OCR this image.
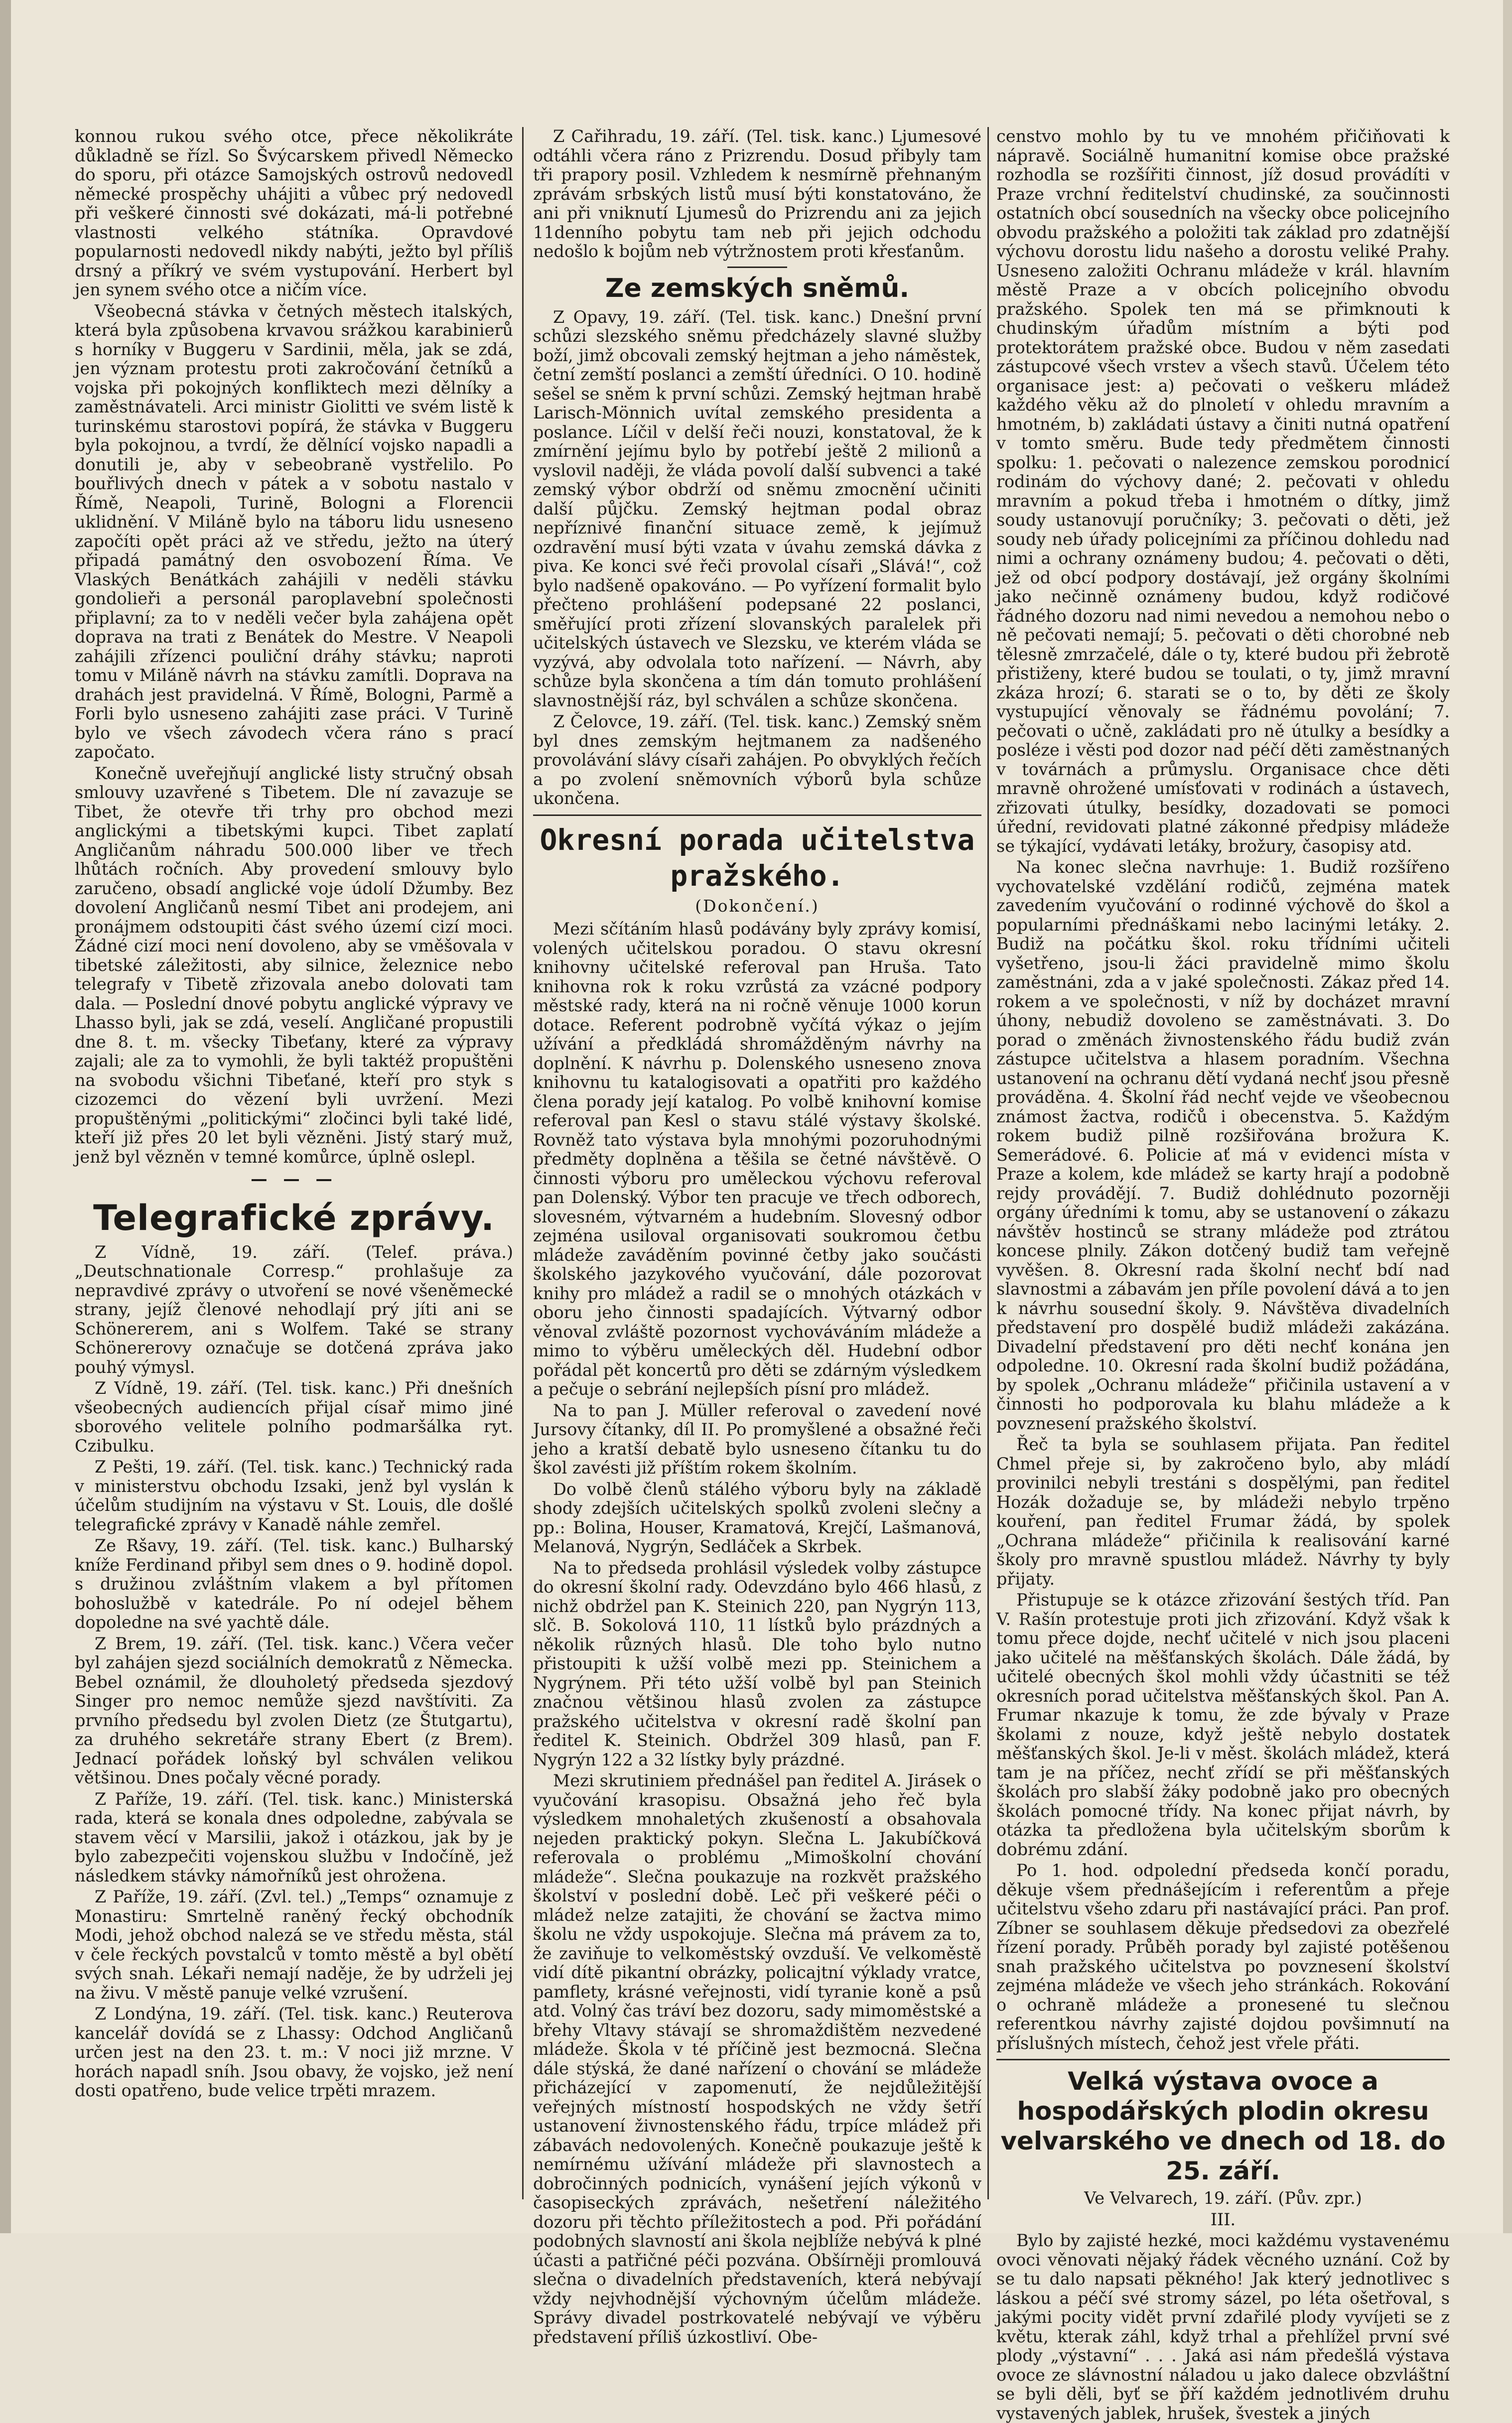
konnou rukou svého otce, přece několikráte důkladně se řízl. So Švýcarskem přivedl Německo do sporu, při otázce Samojských ostrovů nedovedl německé prospěchy uhájiti a vůbec prý nedovedl při veškeré činnosti své dokázati, má-li potřebné vlastnosti velkého státníka. Opravdové popularnosti nedovedl nikdy nabýti, ježto byl příliš drsný a příkrý ve svém vystupování. Herbert byl jen synem svého otce a ničím více.

Všeobecná stávka v četných městech italských, která byla způsobena krvavou srážkou karabinierů s horníky v Buggeru v Sardinii, měla, jak se zdá, jen význam protestu proti zakročování četníků a vojska při pokojných konfliktech mezi dělníky a zaměstnávateli. Arci ministr Giolitti ve svém listě k turinskému starostovi popírá, že stávka v Buggeru byla pokojnou, a tvrdí, že dělnící vojsko napadli a donutili je, aby v sebeobraně vystřelilo. Po bouřlivých dnech v pátek a v sobotu nastalo v Římě, Neapoli, Turině, Bologni a Florencii uklidnění. V Miláně bylo na táboru lidu usneseno započíti opět práci až ve středu, ježto na úterý připadá památný den osvobození Říma. Ve Vlaských Benátkách zahájili v neděli stávku gondolieři a personál paroplavební společnosti připlavní; za to v neděli večer byla zahájena opět doprava na trati z Benátek do Mestre. V Neapoli zahájili zřízenci pouliční dráhy stávku; naproti tomu v Miláně návrh na stávku zamítli. Doprava na drahách jest pravidelná. V Římě, Bologni, Parmě a Forli bylo usneseno zahájiti zase práci. V Turině bylo ve všech závodech včera ráno s prací započato.

Konečně uveřejňují anglické listy stručný obsah smlouvy uzavřené s Tibetem. Dle ní zavazuje se Tibet, že otevře tři trhy pro obchod mezi anglickými a tibetskými kupci. Tibet zaplatí Angličanům náhradu 500.000 liber ve třech lhůtách ročních. Aby provedení smlouvy bylo zaručeno, obsadí anglické voje údolí Džumby. Bez dovolení Angličanů nesmí Tibet ani prodejem, ani pronájmem odstoupiti část svého území cizí moci. Žádné cizí moci není dovoleno, aby se vměšovala v tibetské záležitosti, aby silnice, železnice nebo telegrafy v Tibetě zřizovala anebo dolovati tam dala. — Poslední dnové pobytu anglické výpravy ve Lhasso byli, jak se zdá, veselí. Angličané propustili dne 8. t. m. všecky Tibeťany, které za výpravy zajali; ale za to vymohli, že byli taktéž propuštěni na svobodu všichni Tibeťané, kteří pro styk s cizozemci do vězení byli uvržení. Mezi propuštěnými „politickými“ zločinci byli také lidé, kteří již přes 20 let byli vězněni. Jistý starý muž, jenž byl vězněn v temné komůrce, úplně oslepl.

— — —
Telegrafické zprávy.

Z Vídně, 19. září. (Telef. práva.) „Deutschnationale Corresp.“ prohlašuje za nepravdivé zprávy o utvoření se nové všeněmecké strany, jejíž členové nehodlají prý jíti ani se Schönererem, ani s Wolfem. Také se strany Schönererovy označuje se dotčená zpráva jako pouhý výmysl.

Z Vídně, 19. září. (Tel. tisk. kanc.) Při dnešních všeobecných audiencích přijal císař mimo jiné sborového velitele polního podmaršálka ryt. Czibulku.

Z Pešti, 19. září. (Tel. tisk. kanc.) Technický rada v ministerstvu obchodu Izsaki, jenž byl vyslán k účelům studijním na výstavu v St. Louis, dle došlé telegrafické zprávy v Kanadě náhle zemřel.

Ze Ršavy, 19. září. (Tel. tisk. kanc.) Bulharský kníže Ferdinand přibyl sem dnes o 9. hodině dopol. s družinou zvláštním vlakem a byl přítomen bohoslužbě v katedrále. Po ní odejel během dopoledne na své yachtě dále.

Z Brem, 19. září. (Tel. tisk. kanc.) Včera večer byl zahájen sjezd sociálních demokratů z Německa. Bebel oznámil, že dlouholetý předseda sjezdový Singer pro nemoc nemůže sjezd navštíviti. Za prvního předsedu byl zvolen Dietz (ze Štutgartu), za druhého sekretáře strany Ebert (z Brem). Jednací pořádek loňský byl schválen velikou většinou. Dnes počaly věcné porady.

Z Paříže, 19. září. (Tel. tisk. kanc.) Ministerská rada, která se konala dnes odpoledne, zabývala se stavem věcí v Marsilii, jakož i otázkou, jak by je bylo zabezpečiti vojenskou službu v Indočíně, jež následkem stávky námořníků jest ohrožena.

Z Paříže, 19. září. (Zvl. tel.) „Temps“ oznamuje z Monastiru: Smrtelně raněný řecký obchodník Modi, jehož obchod nalezá se ve středu města, stál v čele řeckých povstalců v tomto městě a byl obětí svých snah. Lékaři nemají naděje, že by udrželi jej na živu. V městě panuje velké vzrušení.

Z Londýna, 19. září. (Tel. tisk. kanc.) Reuterova kancelář dovídá se z Lhassy: Odchod Angličanů určen jest na den 23. t. m.: V noci již mrzne. V horách napadl sníh. Jsou obavy, že vojsko, jež není dosti opatřeno, bude velice trpěti mrazem.

Z Cařihradu, 19. září. (Tel. tisk. kanc.) Ljumesové odtáhli včera ráno z Prizrendu. Dosud přibyly tam tři prapory posil. Vzhledem k nesmírně přehnaným zprávám srbských listů musí býti konstatováno, že ani při vniknutí Ljumesů do Prizrendu ani za jejich 11denního pobytu tam neb při jejich odchodu nedošlo k bojům neb výtržnostem proti křesťanům.

Ze zemských sněmů.

Z Opavy, 19. září. (Tel. tisk. kanc.) Dnešní první schůzi slezského sněmu předcházely slavné služby boží, jimž obcovali zemský hejtman a jeho náměstek, četní zemští poslanci a zemští úředníci. O 10. hodině sešel se sněm k první schůzi. Zemský hejtman hrabě Larisch-Mönnich uvítal zemského presidenta a poslance. Líčil v delší řeči nouzi, konstatoval, že k zmírnění jejímu bylo by potřebí ještě 2 milionů a vyslovil naději, že vláda povolí další subvenci a také zemský výbor obdrží od sněmu zmocnění učiniti další půjčku. Zemský hejtman podal obraz nepříznivé finanční situace země, k jejímuž ozdravění musí býti vzata v úvahu zemská dávka z piva. Ke konci své řeči provolal císaři „Slává!“, což bylo nadšeně opakováno. — Po vyřízení formalit bylo přečteno prohlášení podepsané 22 poslanci, směřující proti zřízení slovanských paralelek při učitelských ústavech ve Slezsku, ve kterém vláda se vyzývá, aby odvolala toto nařízení. — Návrh, aby schůze byla skončena a tím dán tomuto prohlášení slavnostnější ráz, byl schválen a schůze skončena.

Z Čelovce, 19. září. (Tel. tisk. kanc.) Zemský sněm byl dnes zemským hejtmanem za nadšeného provolávání slávy císaři zahájen. Po obvyklých řečích a po zvolení sněmovních výborů byla schůze ukončena.

Okresní porada učitelstva pražského.
(Dokončení.)

Mezi sčítáním hlasů podávány byly zprávy komisí, volených učitelskou poradou. O stavu okresní knihovny učitelské referoval pan Hruša. Tato knihovna rok k roku vzrůstá za vzácné podpory městské rady, která na ni ročně věnuje 1000 korun dotace. Referent podrobně vyčítá výkaz o jejím užívání a předkládá shromážděným návrhy na doplnění. K návrhu p. Dolenského usneseno znova knihovnu tu katalogisovati a opatřiti pro každého člena porady její katalog. Po volbě knihovní komise referoval pan Kesl o stavu stálé výstavy školské. Rovněž tato výstava byla mnohými pozoruhodnými předměty doplněna a těšila se četné návštěvě. O činnosti výboru pro uměleckou výchovu referoval pan Dolenský. Výbor ten pracuje ve třech odborech, slovesném, výtvarném a hudebním. Slovesný odbor zejména usiloval organisovati soukromou četbu mládeže zaváděním povinné četby jako součásti školského jazykového vyučování, dále pozorovat knihy pro mládež a radil se o mnohých otázkách v oboru jeho činnosti spadajících. Výtvarný odbor věnoval zvláště pozornost vychováváním mládeže a mimo to výběru uměleckých děl. Hudební odbor pořádal pět koncertů pro děti se zdárným výsledkem a pečuje o sebrání nejlepších písní pro mládež.

Na to pan J. Müller referoval o zavedení nové Jursovy čítanky, díl II. Po promyšlené a obsažné řeči jeho a kratší debatě bylo usneseno čítanku tu do škol zavésti již příštím rokem školním.

Do volbě členů stálého výboru byly na základě shody zdejších učitelských spolků zvoleni slečny a pp.: Bolina, Houser, Kramatová, Krejčí, Lašmanová, Melanová, Nygrýn, Sedláček a Skrbek.

Na to předseda prohlásil výsledek volby zástupce do okresní školní rady. Odevzdáno bylo 466 hlasů, z nichž obdržel pan K. Steinich 220, pan Nygrýn 113, slč. B. Sokolová 110, 11 lístků bylo prázdných a několik různých hlasů. Dle toho bylo nutno přistoupiti k užší volbě mezi pp. Steinichem a Nygrýnem. Při této užší volbě byl pan Steinich značnou většinou hlasů zvolen za zástupce pražského učitelstva v okresní radě školní pan ředitel K. Steinich. Obdržel 309 hlasů, pan F. Nygrýn 122 a 32 lístky byly prázdné.

Mezi skrutiniem přednášel pan ředitel A. Jirásek o vyučování krasopisu. Obsažná jeho řeč byla výsledkem mnohaletých zkušeností a obsahovala nejeden praktický pokyn. Slečna L. Jakubíčková referovala o problému „Mimoškolní chování mládeže“. Slečna poukazuje na rozkvět pražského školství v poslední době. Leč při veškeré péči o mládež nelze zatajiti, že chování se žactva mimo školu ne vždy uspokojuje. Slečna má právem za to, že zaviňuje to velkoměstský ovzduší. Ve velkoměstě vidí dítě pikantní obrázky, policajtní výklady vratce, pamflety, krásné veřejnosti, vidí tyranie koně a psů atd. Volný čas tráví bez dozoru, sady mimoměstské a břehy Vltavy stávají se shromaždištěm nezvedené mládeže. Škola v té příčině jest bezmocná. Slečna dále stýská, že dané nařízení o chování se mládeže přicházející v zapomenutí, že nejdůležitější veřejných místností hospodských ne vždy šetří ustanovení živnostenského řádu, trpíce mládež při zábavách nedovolených. Konečně poukazuje ještě k nemírnému užívání mládeže při slavnostech a dobročinných podnicích, vynášení jejích výkonů v časopiseckých zprávách, nešetření náležitého dozoru při těchto příležitostech a pod. Při pořádání podobných slavností ani škola nejblíže nebývá k plné účasti a patřičné péči pozvána. Obšírněji promlouvá slečna o divadelních představeních, která nebývají vždy nejvhodnější výchovným účelům mládeže. Správy divadel postrkovatelé nebývají ve výběru představení příliš úzkostliví. Obe-

censtvo mohlo by tu ve mnohém přičiňovati k nápravě. Sociálně humanitní komise obce pražské rozhodla se rozšířiti činnost, jíž dosud provádíti v Praze vrchní ředitelství chudinské, za součinnosti ostatních obcí sousedních na všecky obce policejního obvodu pražského a položiti tak základ pro zdatnější výchovu dorostu lidu našeho a dorostu veliké Prahy. Usneseno založiti Ochranu mládeže v král. hlavním městě Praze a v obcích policejního obvodu pražského. Spolek ten má se přimknouti k chudinským úřadům místním a býti pod protektorátem pražské obce. Budou v něm zasedati zástupcové všech vrstev a všech stavů. Účelem této organisace jest: a) pečovati o veškeru mládež každého věku až do plnoletí v ohledu mravním a hmotném, b) zakládati ústavy a činiti nutná opatření v tomto směru. Bude tedy předmětem činnosti spolku: 1. pečovati o nalezence zemskou porodnicí rodinám do výchovy dané; 2. pečovati v ohledu mravním a pokud třeba i hmotném o dítky, jimž soudy ustanovují poručníky; 3. pečovati o děti, jež soudy neb úřady policejními za příčinou dohledu nad nimi a ochrany oznámeny budou; 4. pečovati o děti, jež od obcí podpory dostávají, jež orgány školními jako nečinně oznámeny budou, když rodičové řádného dozoru nad nimi nevedou a nemohou nebo o ně pečovati nemají; 5. pečovati o děti chorobné neb tělesně zmrzačelé, dále o ty, které budou při žebrotě přistiženy, které budou se toulati, o ty, jimž mravní zkáza hrozí; 6. starati se o to, by děti ze školy vystupující věnovaly se řádnému povolání; 7. pečovati o učně, zakládati pro ně útulky a besídky a posléze i věsti pod dozor nad péčí děti zaměstnaných v továrnách a průmyslu. Organisace chce děti mravně ohrožené umísťovati v rodinách a ústavech, zřizovati útulky, besídky, dozadovati se pomoci úřední, revidovati platné zákonné předpisy mládeže se týkající, vydávati letáky, brožury, časopisy atd.

Na konec slečna navrhuje: 1. Budiž rozšířeno vychovatelské vzdělání rodičů, zejména matek zavedením vyučování o rodinné výchově do škol a popularními přednáškami nebo lacinými letáky. 2. Budiž na počátku škol. roku třídními učiteli vyšetřeno, jsou-li žáci pravidelně mimo školu zaměstnáni, zda a v jaké společnosti. Zákaz před 14. rokem a ve společnosti, v níž by docházet mravní úhony, nebudiž dovoleno se zaměstnávati. 3. Do porad o změnách živnostenského řádu budiž zván zástupce učitelstva a hlasem poradním. Všechna ustanovení na ochranu dětí vydaná nechť jsou přesně prováděna. 4. Školní řád nechť vejde ve všeobecnou známost žactva, rodičů i obecenstva. 5. Každým rokem budiž pilně rozšiřována brožura K. Semerádové. 6. Policie ať má v evidenci místa v Praze a kolem, kde mládež se karty hrají a podobně rejdy provádějí. 7. Budiž dohlédnuto pozorněji orgány úředními k tomu, aby se ustanovení o zákazu návštěv hostinců se strany mládeže pod ztrátou koncese plnily. Zákon dotčený budiž tam veřejně vyvěšen. 8. Okresní rada školní nechť bdí nad slavnostmi a zábavám jen příle povolení dává a to jen k návrhu sousední školy. 9. Návštěva divadelních představení pro dospělé budiž mládeži zakázána. Divadelní představení pro děti nechť konána jen odpoledne. 10. Okresní rada školní budiž požádána, by spolek „Ochranu mládeže“ přičinila ustavení a v činnosti ho podporovala ku blahu mládeže a k povznesení pražského školství.

Řeč ta byla se souhlasem přijata. Pan ředitel Chmel přeje si, by zakročeno bylo, aby mládí provinilci nebyli trestáni s dospělými, pan ředitel Hozák dožaduje se, by mládeži nebylo trpěno kouření, pan ředitel Frumar žádá, by spolek „Ochrana mládeže“ přičinila k realisování karné školy pro mravně spustlou mládež. Návrhy ty byly přijaty.

Přistupuje se k otázce zřizování šestých tříd. Pan V. Rašín protestuje proti jich zřizování. Když však k tomu přece dojde, nechť učitelé v nich jsou placeni jako učitelé na měšťanských školách. Dále žádá, by učitelé obecných škol mohli vždy účastniti se též okresních porad učitelstva měšťanských škol. Pan A. Frumar nkazuje k tomu, že zde bývaly v Praze školami z nouze, když ještě nebylo dostatek měšťanských škol. Je-li v měst. školách mládež, která tam je na příčez, nechť zřídí se při měšťanských školách pro slabší žáky podobně jako pro obecných školách pomocné třídy. Na konec přijat návrh, by otázka ta předložena byla učitelským sborům k dobrému zdání.

Po 1. hod. odpolední předseda končí poradu, děkuje všem přednášejícím i referentům a přeje učitelstvu všeho zdaru při nastávající práci. Pan prof. Zíbner se souhlasem děkuje předsedovi za obezřelé řízení porady. Průběh porady byl zajisté potěšenou snah pražského učitelstva po povznesení školství zejména mládeže ve všech jeho stránkách. Rokování o ochraně mládeže a pronesené tu slečnou referentkou návrhy zajisté dojdou povšimnutí na příslušných místech, čehož jest vřele přáti.

Velká výstava ovoce a hospodářských plodin okresu velvarského ve dnech od 18. do 25. září.

Ve Velvarech, 19. září. (Pův. zpr.)

III.

Bylo by zajisté hezké, moci každému vystavenému ovoci věnovati nějaký řádek věcného uznání. Což by se tu dalo napsati pěkného! Jak který jednotlivec s láskou a péčí své stromy sázel, po léta ošetřoval, s jakými pocity vidět první zdařilé plody vyvíjeti se z květu, kterak záhl, když trhal a přehlížel první své plody „výstavní“ . . . Jaká asi nám předešlá výstava ovoce ze slávnostní náladou u jako dalece obzvláštní se byli děli, byť se p̌ří každém jednotlivém druhu vystavených jablek, hrušek, švestek a jiných
